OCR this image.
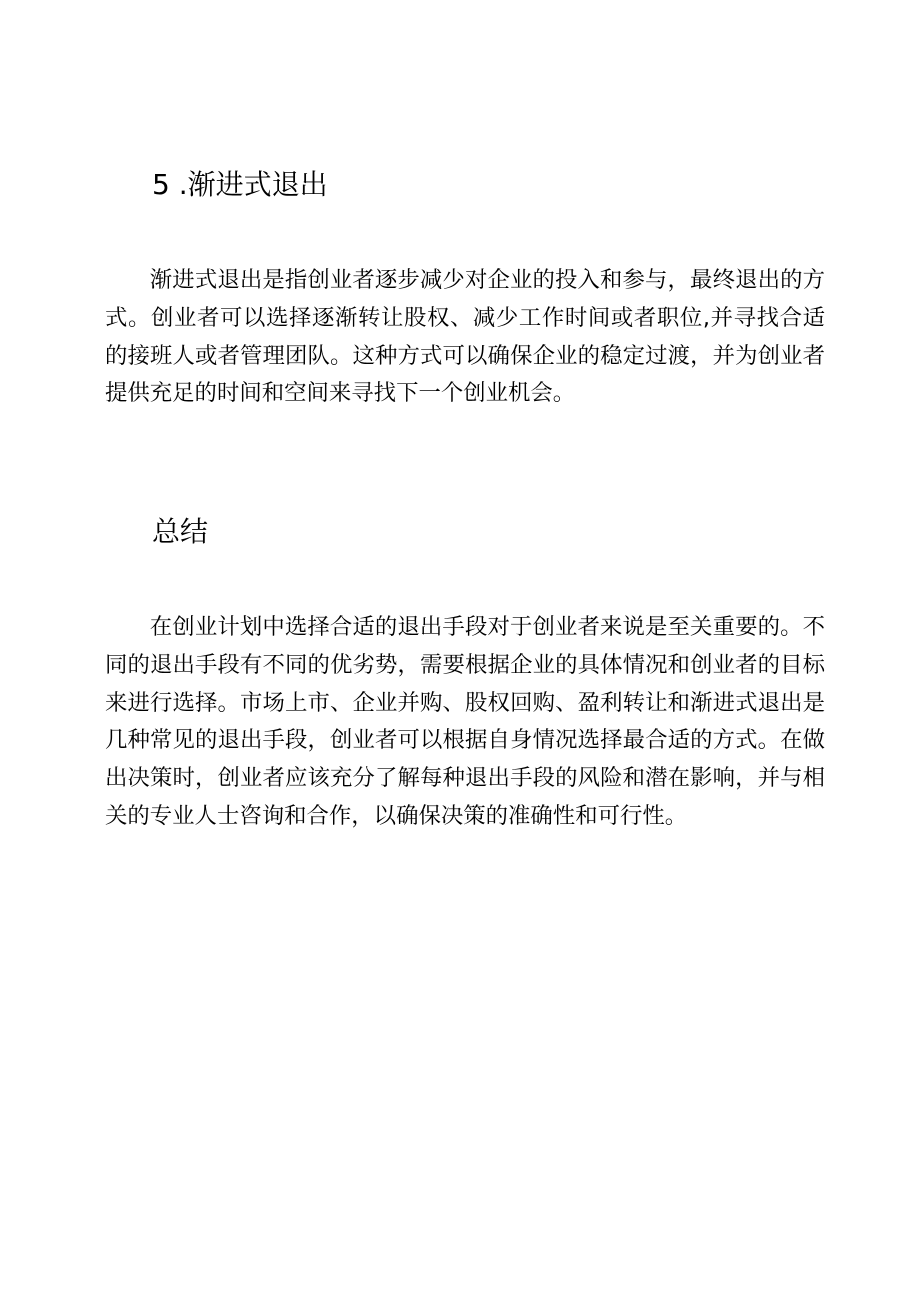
5 .渐进式退出

渐进式退出是指创业者逐步减少对企业的投入和参与，最终退出的方式。创业者可以选择逐渐转让股权、减少工作时间或者职位,并寻找合适的接班人或者管理团队。这种方式可以确保企业的稳定过渡，并为创业者提供充足的时间和空间来寻找下一个创业机会。

总结

在创业计划中选择合适的退出手段对于创业者来说是至关重要的。不同的退出手段有不同的优劣势，需要根据企业的具体情况和创业者的目标来进行选择。市场上市、企业并购、股权回购、盈利转让和渐进式退出是几种常见的退出手段，创业者可以根据自身情况选择最合适的方式。在做出决策时，创业者应该充分了解每种退出手段的风险和潜在影响，并与相关的专业人士咨询和合作，以确保决策的准确性和可行性。
